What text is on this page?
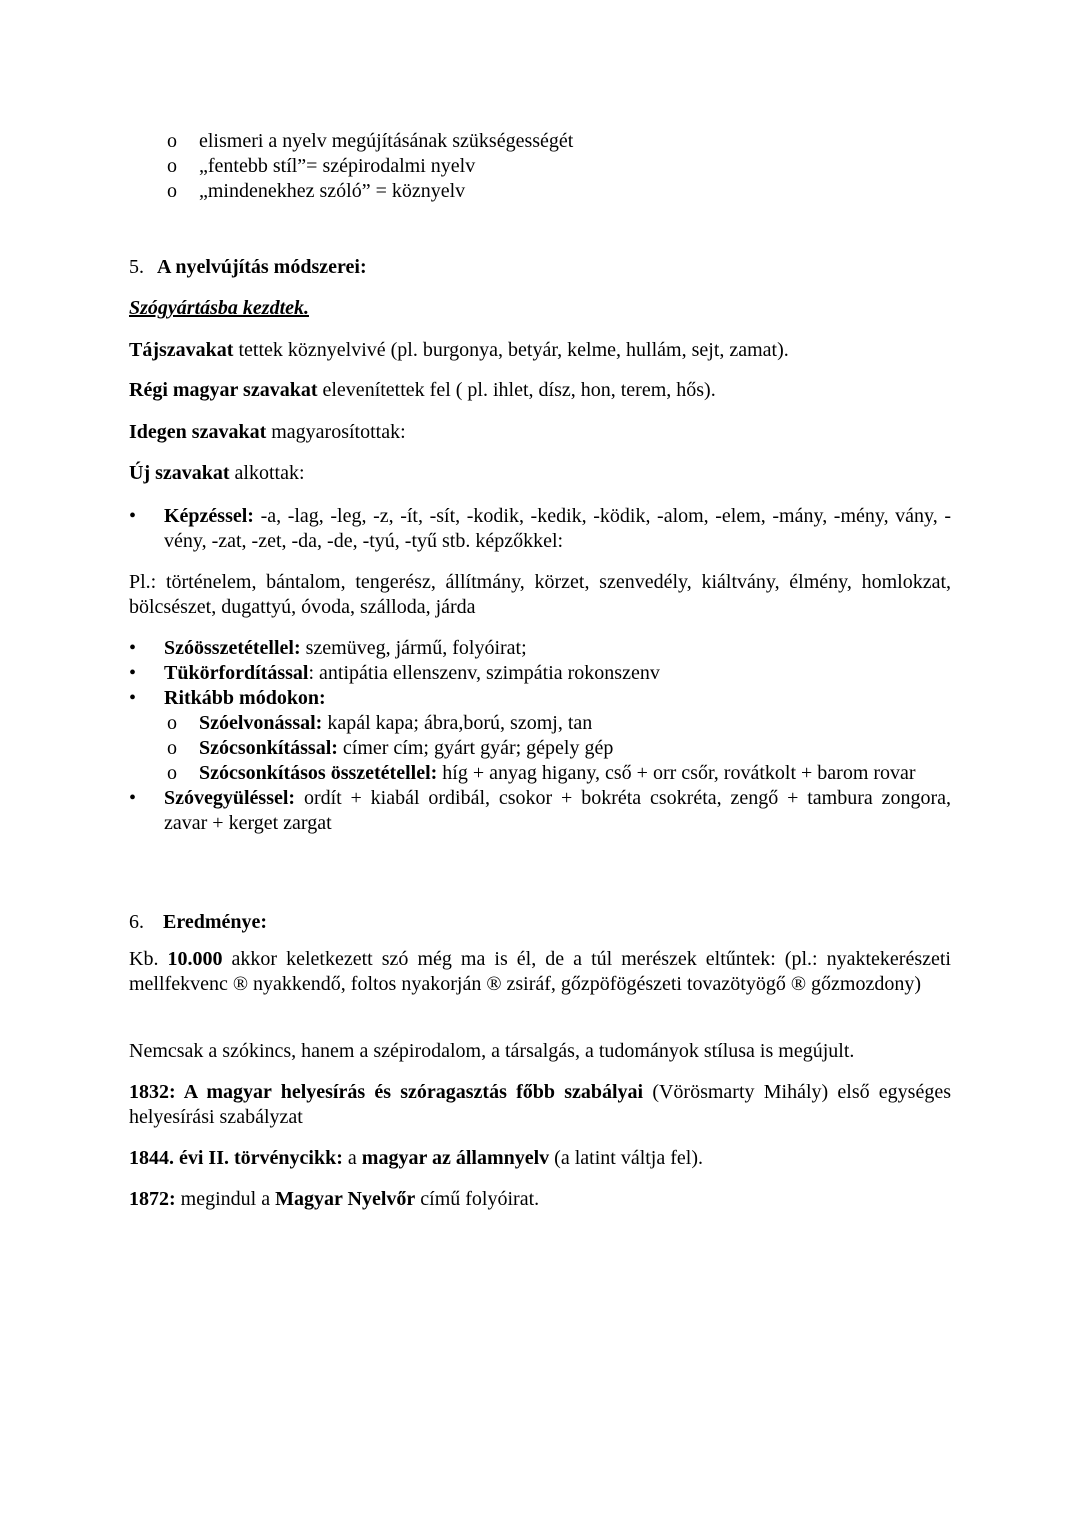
o	elismeri a nyelv megújításának szükségességét
o	„fentebb stíl”= szépirodalmi nyelv
o	„mindenekhez szóló” = köznyelv
5. A nyelvújítás módszerei:
Szógyártásba kezdtek.
Tájszavakat tettek köznyelvivé (pl. burgonya, betyár, kelme, hullám, sejt, zamat).
Régi magyar szavakat elevenítettek fel ( pl. ihlet, dísz, hon, terem, hős).
Idegen szavakat magyarosítottak:
Új szavakat alkottak:
•	Képzéssel: -a, -lag, -leg, -z, -ít, -sít, -kodik, -kedik, -ködik, -alom, -elem, -mány, -mény, vány, -vény, -zat, -zet, -da, -de, -tyú, -tyű stb. képzőkkel:
Pl.: történelem, bántalom, tengerész, állítmány, körzet, szenvedély, kiáltvány, élmény, homlokzat, bölcsészet, dugattyú, óvoda, szálloda, járda
•	Szóösszetétellel: szemüveg, jármű, folyóirat;
•	Tükörfordítással: antipátia ellenszenv, szimpátia rokonszenv
•	Ritkább módokon:
o	Szóelvonással: kapál kapa; ábra,ború, szomj, tan
o	Szócsonkítással: címer cím; gyárt gyár; gépely gép
o	Szócsonkításos összetétellel: híg + anyag higany, cső + orr csőr, rovátkolt + barom rovar
•	Szóvegyüléssel: ordít + kiabál ordibál, csokor + bokréta csokréta, zengő + tambura zongora, zavar + kerget zargat
6. Eredménye:
Kb. 10.000 akkor keletkezett szó még ma is él, de a túl merészek eltűntek: (pl.: nyaktekerészeti mellfekvenc ® nyakkendő, foltos nyakorján ® zsiráf, gőzpöfögészeti tovazötyögő ® gőzmozdony)
Nemcsak a szókincs, hanem a szépirodalom, a társalgás, a tudományok stílusa is megújult.
1832: A magyar helyesírás és szóragasztás főbb szabályai (Vörösmarty Mihály) első egységes helyesírási szabályzat
1844. évi II. törvénycikk: a magyar az államnyelv (a latint váltja fel).
1872: megindul a Magyar Nyelvőr című folyóirat.
